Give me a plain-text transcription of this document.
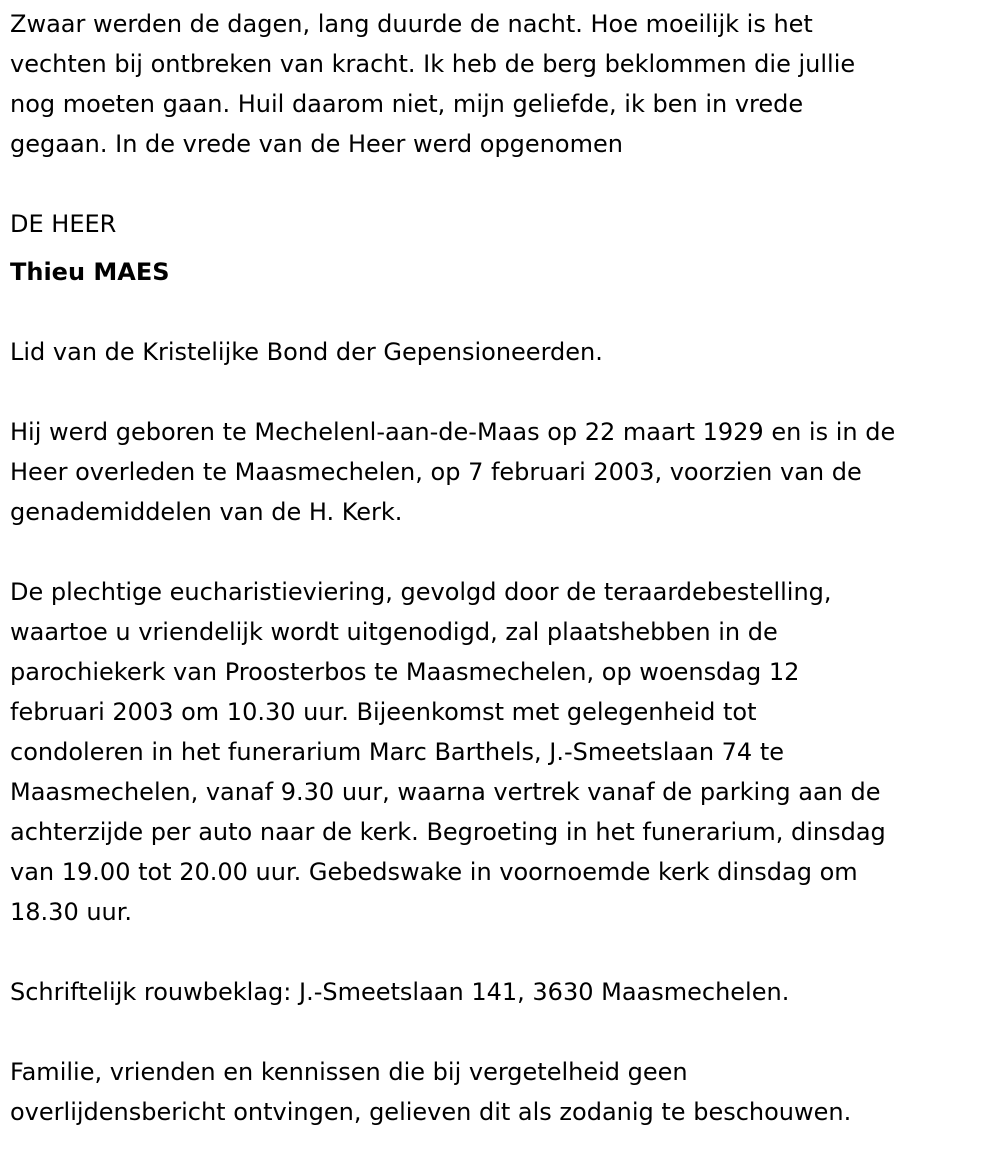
Zwaar werden de dagen, lang duurde de nacht. Hoe moeilijk is het
vechten bij ontbreken van kracht. Ik heb de berg beklommen die jullie
nog moeten gaan. Huil daarom niet, mijn geliefde, ik ben in vrede
gegaan. In de vrede van de Heer werd opgenomen
DE HEER
Thieu MAES
Lid van de Kristelijke Bond der Gepensioneerden.
Hij werd geboren te Mechelenl-aan-de-Maas op 22 maart 1929 en is in de
Heer overleden te Maasmechelen, op 7 februari 2003, voorzien van de
genademiddelen van de H. Kerk.
De plechtige eucharistieviering, gevolgd door de teraardebestelling,
waartoe u vriendelijk wordt uitgenodigd, zal plaatshebben in de
parochiekerk van Proosterbos te Maasmechelen, op woensdag 12
februari 2003 om 10.30 uur. Bijeenkomst met gelegenheid tot
condoleren in het funerarium Marc Barthels, J.-Smeetslaan 74 te
Maasmechelen, vanaf 9.30 uur, waarna vertrek vanaf de parking aan de
achterzijde per auto naar de kerk. Begroeting in het funerarium, dinsdag
van 19.00 tot 20.00 uur. Gebedswake in voornoemde kerk dinsdag om
18.30 uur.
Schriftelijk rouwbeklag: J.-Smeetslaan 141, 3630 Maasmechelen.
Familie, vrienden en kennissen die bij vergetelheid geen
overlijdensbericht ontvingen, gelieven dit als zodanig te beschouwen.
